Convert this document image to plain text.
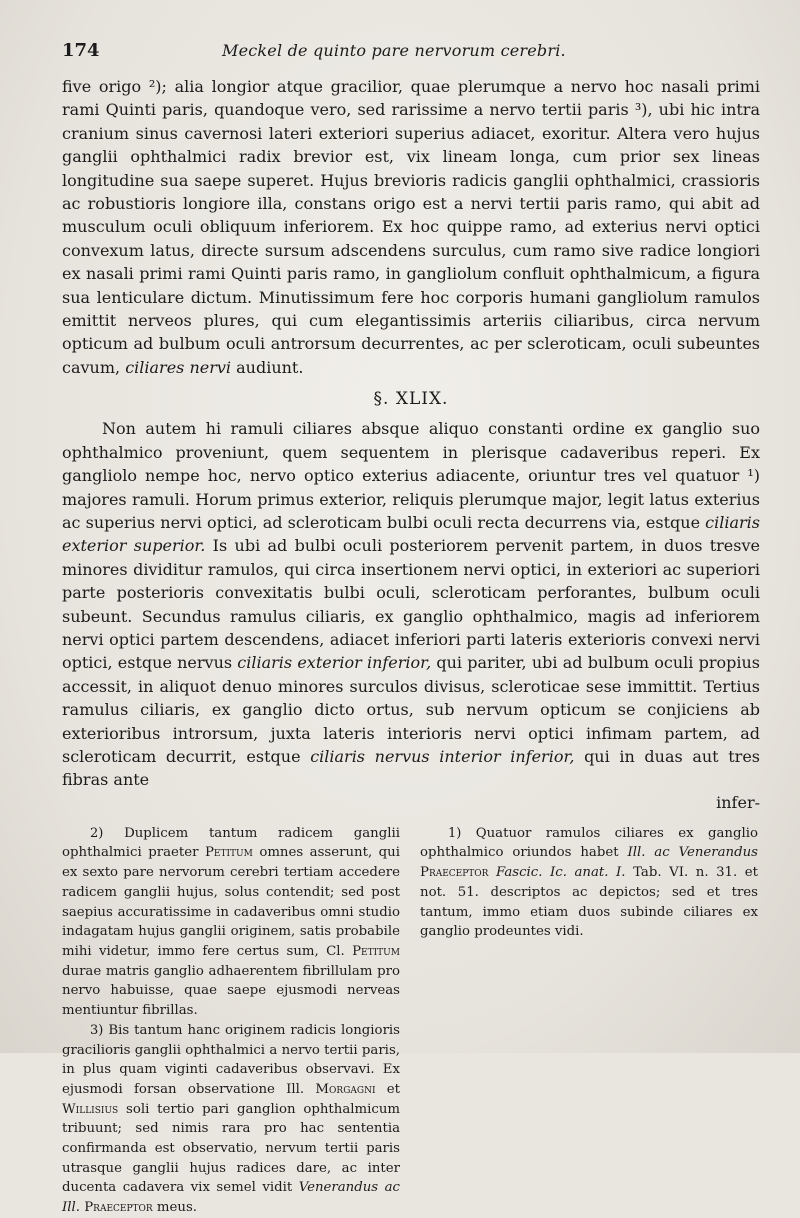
174	Meckel de quinto pare nervorum cerebri.

five origo ²); alia longior atque gracilior, quae plerumque a nervo hoc nasali primi rami Quinti paris, quandoque vero, sed rarissime a nervo tertii paris ³), ubi hic intra cranium sinus cavernosi lateri exteriori superius adiacet, exoritur. Altera vero hujus ganglii ophthalmici radix brevior est, vix lineam longa, cum prior sex lineas longitudine sua saepe superet. Hujus brevioris radicis ganglii ophthalmici, crassioris ac robustioris longiore illa, constans origo est a nervi tertii paris ramo, qui abit ad musculum oculi obliquum inferiorem. Ex hoc quippe ramo, ad exterius nervi optici convexum latus, directe sursum adscendens surculus, cum ramo sive radice longiori ex nasali primi rami Quinti paris ramo, in gangliolum confluit ophthalmicum, a figura sua lenticulare dictum. Minutissimum fere hoc corporis humani gangliolum ramulos emittit nerveos plures, qui cum elegantissimis arteriis ciliaribus, circa nervum opticum ad bulbum oculi antrorsum decurrentes, ac per scleroticam, oculi subeuntes cavum, ciliares nervi audiunt.

§. XLIX.

Non autem hi ramuli ciliares absque aliquo constanti ordine ex ganglio suo ophthalmico proveniunt, quem sequentem in plerisque cadaveribus reperi. Ex gangliolo nempe hoc, nervo optico exterius adiacente, oriuntur tres vel quatuor ¹) majores ramuli. Horum primus exterior, reliquis plerumque major, legit latus exterius ac superius nervi optici, ad scleroticam bulbi oculi recta decurrens via, estque ciliaris exterior superior. Is ubi ad bulbi oculi posteriorem pervenit partem, in duos tresve minores dividitur ramulos, qui circa insertionem nervi optici, in exteriori ac superiori parte posterioris convexitatis bulbi oculi, scleroticam perforantes, bulbum oculi subeunt. Secundus ramulus ciliaris, ex ganglio ophthalmico, magis ad inferiorem nervi optici partem descendens, adiacet inferiori parti lateris exterioris convexi nervi optici, estque nervus ciliaris exterior inferior, qui pariter, ubi ad bulbum oculi propius accessit, in aliquot denuo minores surculos divisus, scleroticae sese immittit. Tertius ramulus ciliaris, ex ganglio dicto ortus, sub nervum opticum se conjiciens ab exterioribus introrsum, juxta lateris interioris nervi optici infimam partem, ad scleroticam decurrit, estque ciliaris nervus interior inferior, qui in duas aut tres fibras ante

infer-

2) Duplicem tantum radicem ganglii ophthalmici praeter Petitum omnes asserunt, qui ex sexto pare nervorum cerebri tertiam accedere radicem ganglii hujus, solus contendit; sed post saepius accuratissime in cadaveribus omni studio indagatam hujus ganglii originem, satis probabile mihi videtur, immo fere certus sum, Cl. Petitum durae matris ganglio adhaerentem fibrillulam pro nervo habuisse, quae saepe ejusmodi nerveas mentiuntur fibrillas.

3) Bis tantum hanc originem radicis longioris gracilioris ganglii ophthalmici a nervo tertii paris, in plus quam viginti cadaveribus observavi. Ex ejusmodi forsan observatione Ill. Morgagni et Willisius soli tertio pari ganglion ophthalmicum tribuunt; sed nimis rara pro hac sententia confirmanda est observatio, nervum tertii paris utrasque ganglii hujus radices dare, ac inter ducenta cadavera vix semel vidit Venerandus ac Ill. Praeceptor meus.

1) Quatuor ramulos ciliares ex ganglio ophthalmico oriundos habet Ill. ac Venerandus Praeceptor Fascic. Ic. anat. I. Tab. VI. n. 31. et not. 51. descriptos ac depictos; sed et tres tantum, immo etiam duos subinde ciliares ex ganglio prodeuntes vidi.
